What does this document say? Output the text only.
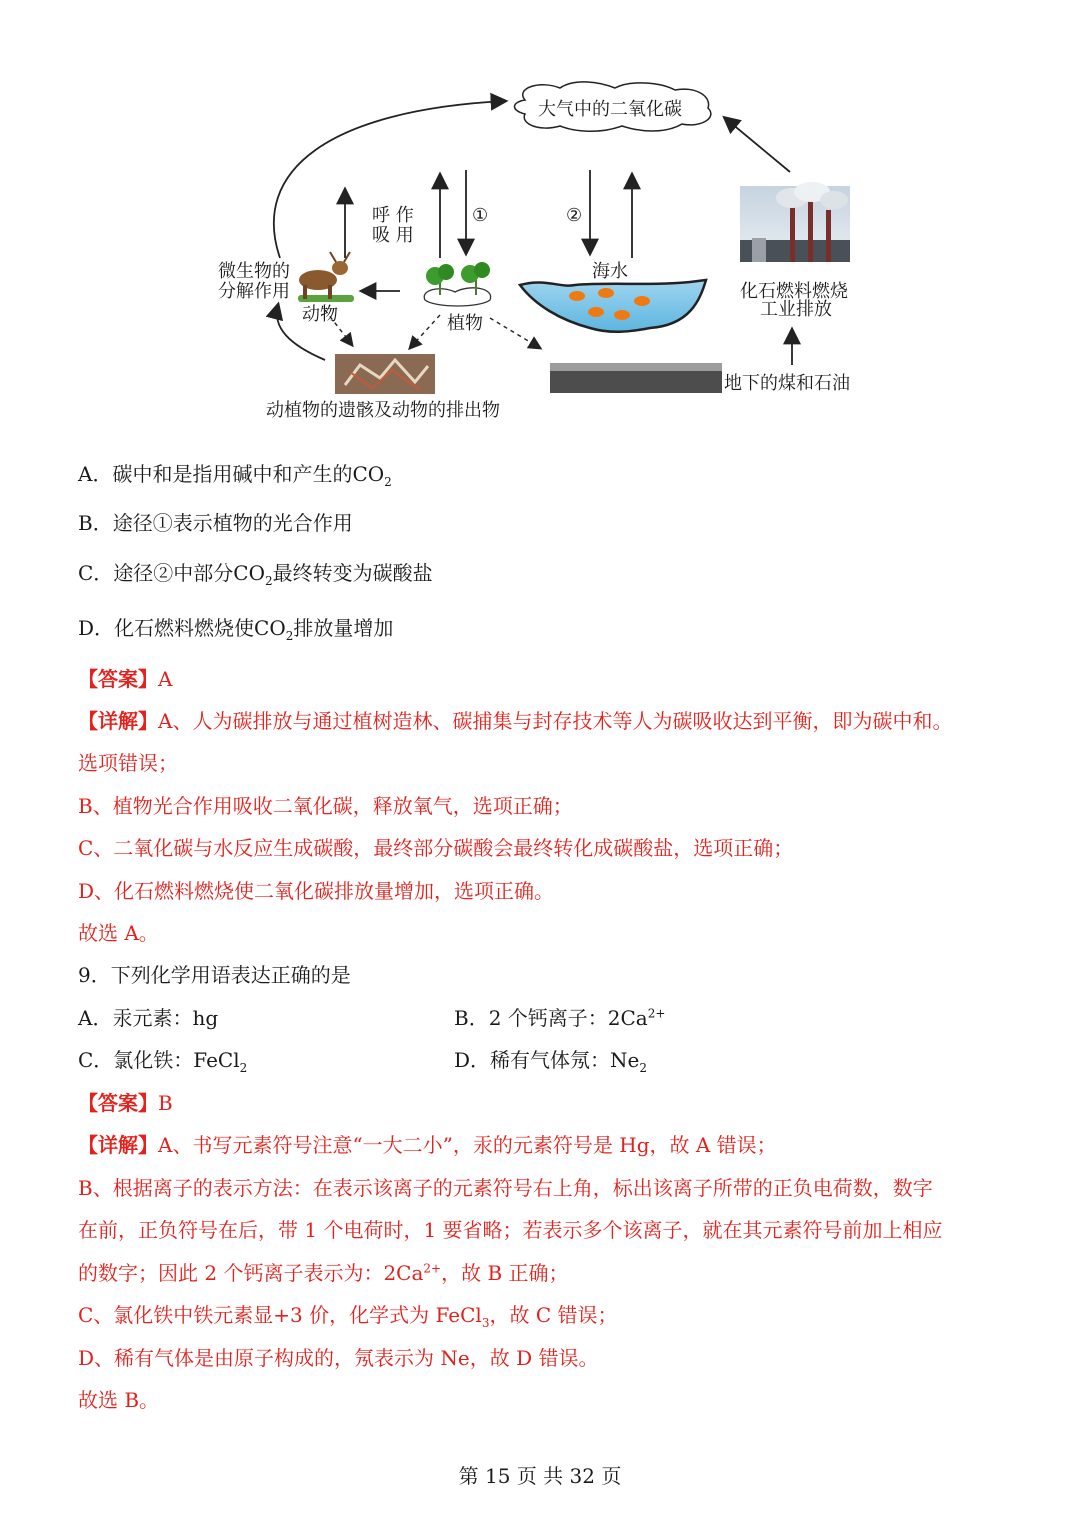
大气中的二氧化碳
微生物的
分解作用
动物	植物
呼 作
吸 用
①	②
海水
化石燃料燃烧
工业排放
地下的煤和石油
动植物的遗骸及动物的排出物
A．碳中和是指用碱中和产生的$CO_2$
B．途径①表示植物的光合作用
C．途径②中部分$CO_2$最终转变为碳酸盐
D．化石燃料燃烧使$CO_2$排放量增加
【答案】A
【详解】A、人为碳排放与通过植树造林、碳捕集与封存技术等人为碳吸收达到平衡，即为碳中和。
选项错误；
B、植物光合作用吸收二氧化碳，释放氧气，选项正确；
C、二氧化碳与水反应生成碳酸，最终部分碳酸会最终转化成碳酸盐，选项正确；
D、化石燃料燃烧使二氧化碳排放量增加，选项正确。
故选 A。
9．下列化学用语表达正确的是
A．汞元素：hg	B．2 个钙离子：$2Ca^{2+}$
C．氯化铁：FeCl$_2$	D．稀有气体氖：$Ne_2$
【答案】B
【详解】A、书写元素符号注意“一大二小”，汞的元素符号是 Hg，故 A 错误；
B、根据离子的表示方法：在表示该离子的元素符号右上角，标出该离子所带的正负电荷数，数字
在前，正负符号在后，带 1 个电荷时，1 要省略；若表示多个该离子，就在其元素符号前加上相应
的数字；因此 2 个钙离子表示为：$2Ca^{2+}$，故 B 正确；
C、氯化铁中铁元素显+3 价，化学式为 FeCl$_3$，故 C 错误；
D、稀有气体是由原子构成的，氖表示为 Ne，故 D 错误。
故选 B。
第 15 页 共 32 页
